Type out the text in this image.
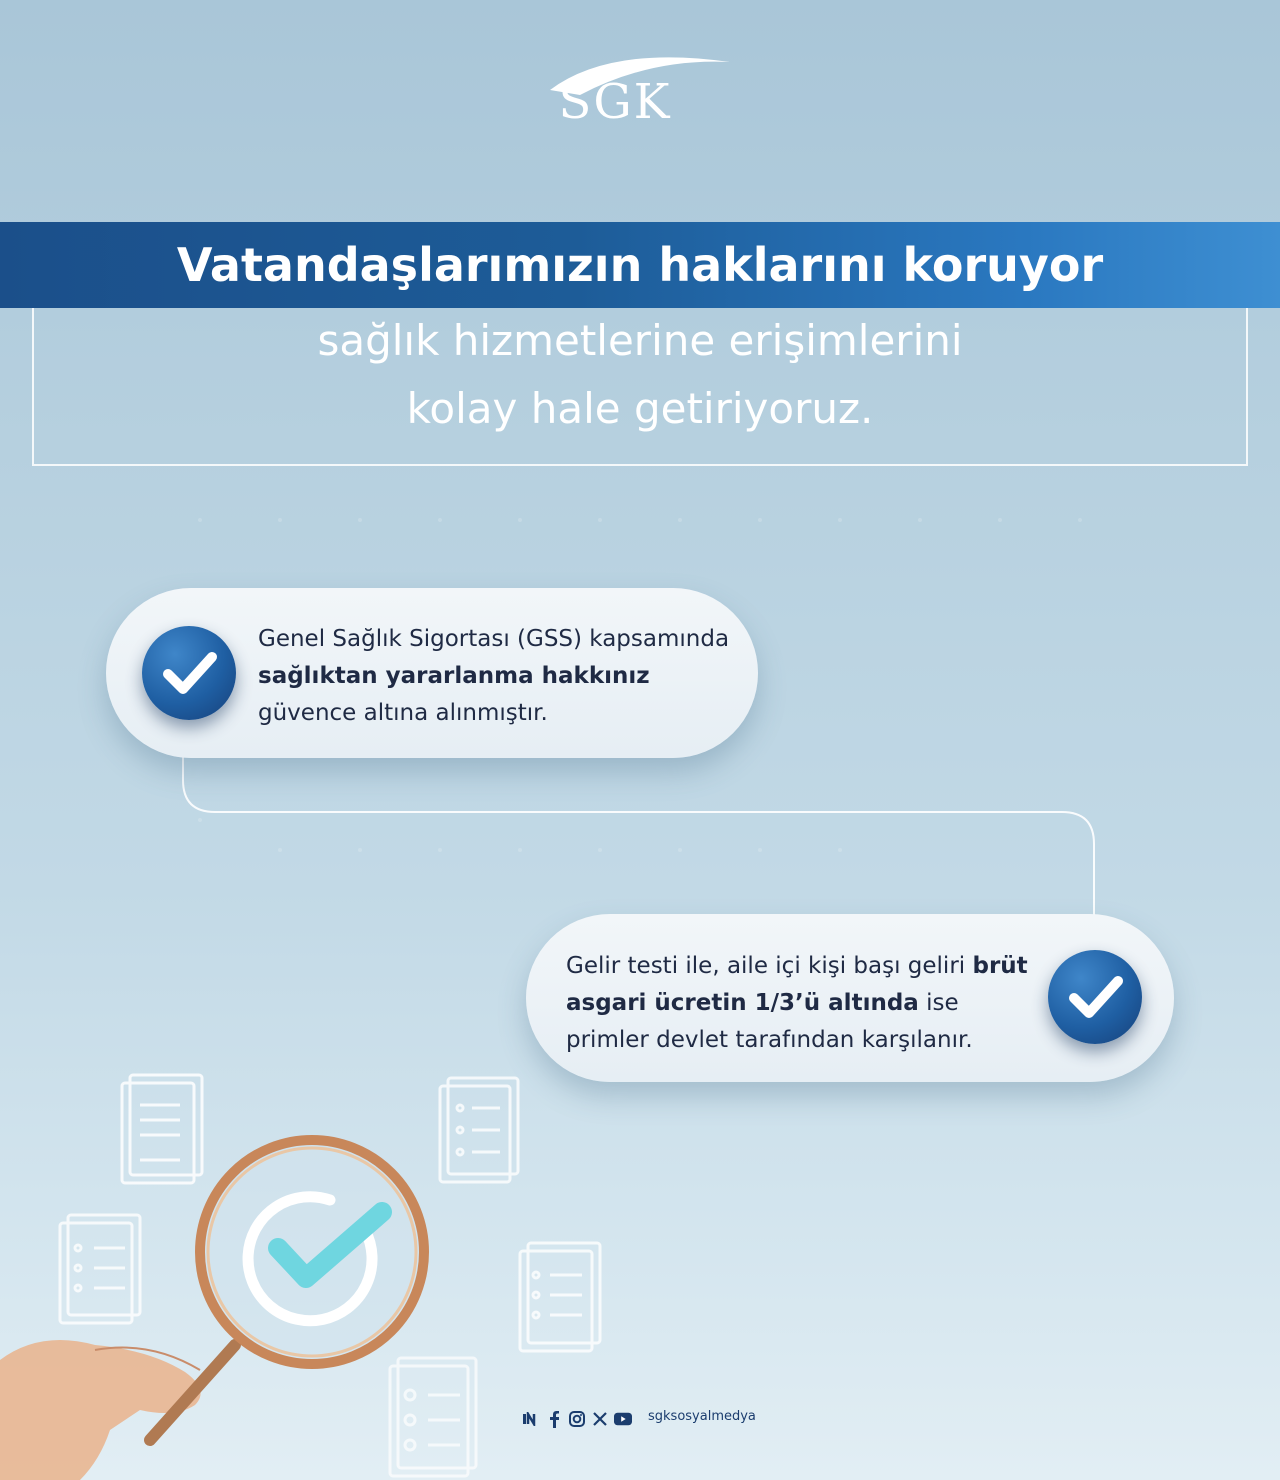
SGK
Vatandaşlarımızın haklarını koruyor
sağlık hizmetlerine erişimlerini
kolay hale getiriyoruz.
Genel Sağlık Sigortası (GSS) kapsamında sağlıktan yararlanma hakkınız güvence altına alınmıştır.
Gelir testi ile, aile içi kişi başı geliri brüt asgari ücretin 1/3’ü altında ise primler devlet tarafından karşılanır.
sgksosyalmedya
